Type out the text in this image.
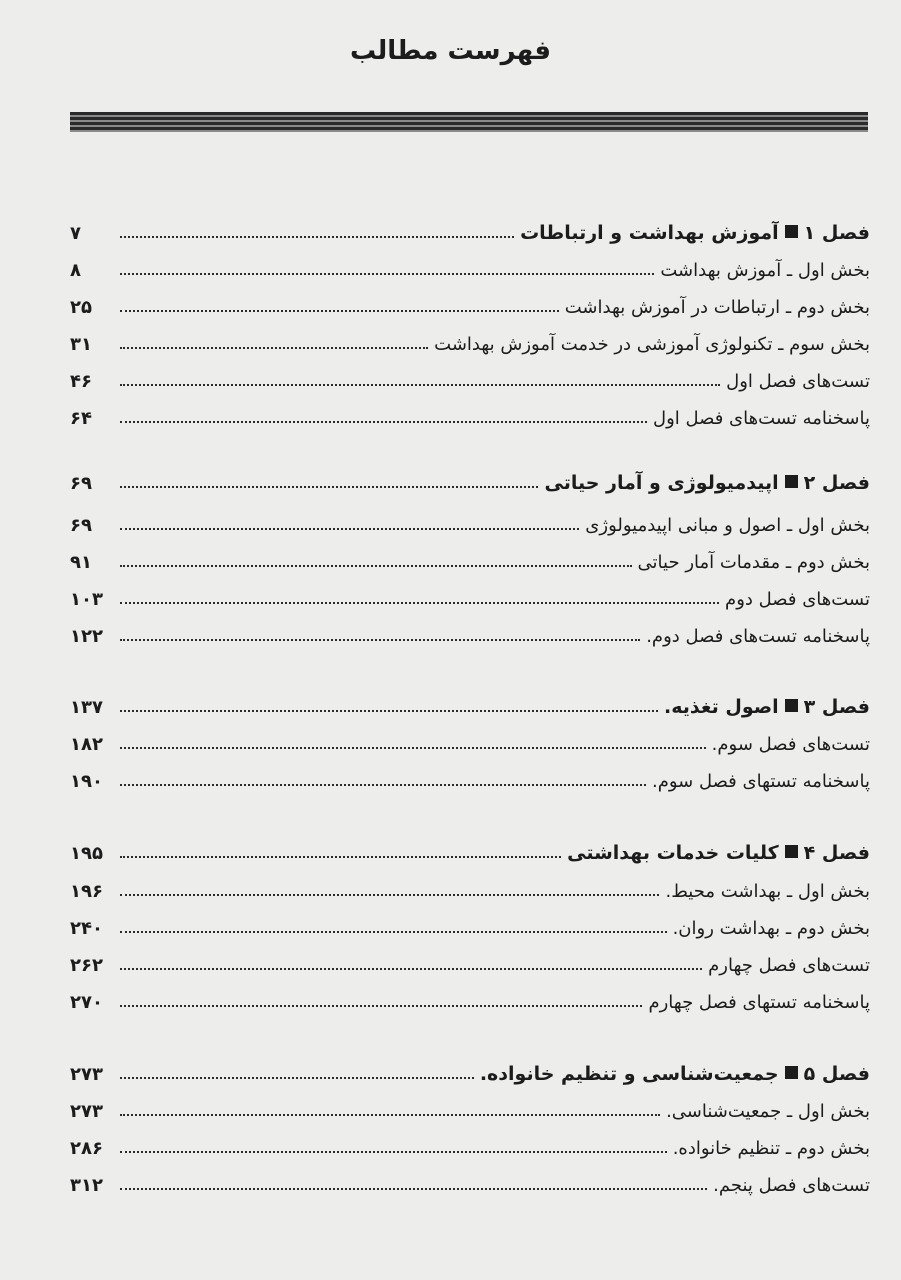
فهرست مطالب
فصل ۱آموزش بهداشت و ارتباطات
۷
بخش اول ـ آموزش بهداشت
۸
بخش دوم ـ ارتباطات در آموزش بهداشت
۲۵
بخش سوم ـ تکنولوژی آموزشی در خدمت آموزش بهداشت
۳۱
تست‌های فصل اول
۴۶
پاسخنامه تست‌های فصل اول
۶۴
فصل ۲اپیدمیولوژی و آمار حیاتی
۶۹
بخش اول ـ اصول و مبانی اپیدمیولوژی
۶۹
بخش دوم ـ مقدمات آمار حیاتی
۹۱
تست‌های فصل دوم
۱۰۳
پاسخنامه تست‌های فصل دوم.
۱۲۲
فصل ۳اصول تغذیه.
۱۳۷
تست‌های فصل سوم.
۱۸۲
پاسخنامه تستهای فصل سوم.
۱۹۰
فصل ۴کلیات خدمات بهداشتی
۱۹۵
بخش اول ـ بهداشت محیط.
۱۹۶
بخش دوم ـ بهداشت روان.
۲۴۰
تست‌های فصل چهارم
۲۶۲
پاسخنامه تستهای فصل چهارم
۲۷۰
فصل ۵جمعیت‌شناسی و تنظیم خانواده.
۲۷۳
بخش اول ـ جمعیت‌شناسی.
۲۷۳
بخش دوم ـ تنظیم خانواده.
۲۸۶
تست‌های فصل پنجم.
۳۱۲
